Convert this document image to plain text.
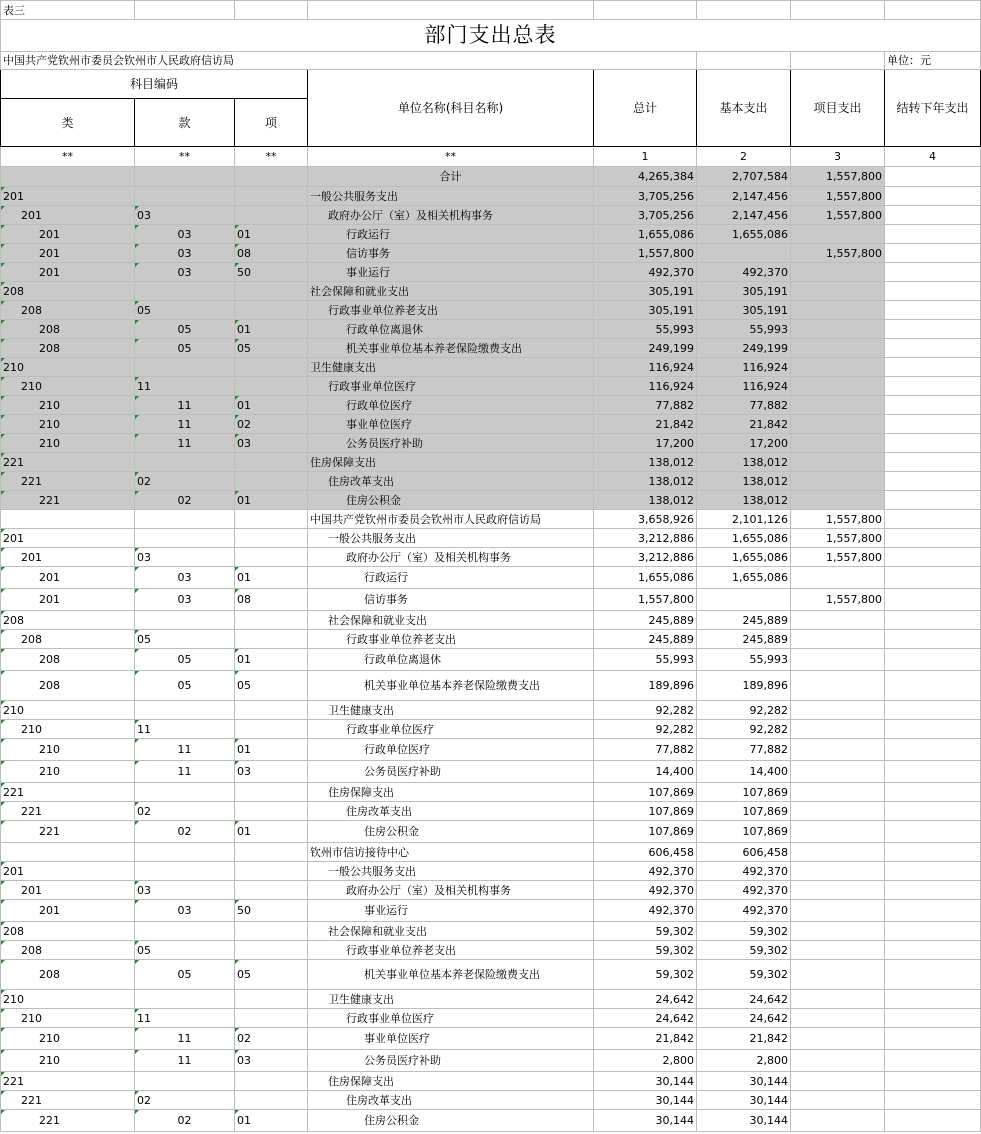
表三							
部门支出总表							
中国共产党钦州市委员会钦州市人民政府信访局							单位：元
科目编码			单位名称(科目名称)	总计	基本支出	项目支出	结转下年支出
类	款	项					
**	**	**	**	1	2	3	4
			合计	4,265,384	2,707,584	1,557,800	
201			一般公共服务支出	3,705,256	2,147,456	1,557,800	
201	03		政府办公厅（室）及相关机构事务	3,705,256	2,147,456	1,557,800	
201	03	01	行政运行	1,655,086	1,655,086		
201	03	08	信访事务	1,557,800		1,557,800	
201	03	50	事业运行	492,370	492,370		
208			社会保障和就业支出	305,191	305,191		
208	05		行政事业单位养老支出	305,191	305,191		
208	05	01	行政单位离退休	55,993	55,993		
208	05	05	机关事业单位基本养老保险缴费支出	249,199	249,199		
210			卫生健康支出	116,924	116,924		
210	11		行政事业单位医疗	116,924	116,924		
210	11	01	行政单位医疗	77,882	77,882		
210	11	02	事业单位医疗	21,842	21,842		
210	11	03	公务员医疗补助	17,200	17,200		
221			住房保障支出	138,012	138,012		
221	02		住房改革支出	138,012	138,012		
221	02	01	住房公积金	138,012	138,012		
			中国共产党钦州市委员会钦州市人民政府信访局	3,658,926	2,101,126	1,557,800	
201			一般公共服务支出	3,212,886	1,655,086	1,557,800	
201	03		政府办公厅（室）及相关机构事务	3,212,886	1,655,086	1,557,800	
201	03	01	行政运行	1,655,086	1,655,086		
201	03	08	信访事务	1,557,800		1,557,800	
208			社会保障和就业支出	245,889	245,889		
208	05		行政事业单位养老支出	245,889	245,889		
208	05	01	行政单位离退休	55,993	55,993		
208	05	05	机关事业单位基本养老保险缴费支出	189,896	189,896		
210			卫生健康支出	92,282	92,282		
210	11		行政事业单位医疗	92,282	92,282		
210	11	01	行政单位医疗	77,882	77,882		
210	11	03	公务员医疗补助	14,400	14,400		
221			住房保障支出	107,869	107,869		
221	02		住房改革支出	107,869	107,869		
221	02	01	住房公积金	107,869	107,869		
			钦州市信访接待中心	606,458	606,458		
201			一般公共服务支出	492,370	492,370		
201	03		政府办公厅（室）及相关机构事务	492,370	492,370		
201	03	50	事业运行	492,370	492,370		
208			社会保障和就业支出	59,302	59,302		
208	05		行政事业单位养老支出	59,302	59,302		
208	05	05	机关事业单位基本养老保险缴费支出	59,302	59,302		
210			卫生健康支出	24,642	24,642		
210	11		行政事业单位医疗	24,642	24,642		
210	11	02	事业单位医疗	21,842	21,842		
210	11	03	公务员医疗补助	2,800	2,800		
221			住房保障支出	30,144	30,144		
221	02		住房改革支出	30,144	30,144		
221	02	01	住房公积金	30,144	30,144		
